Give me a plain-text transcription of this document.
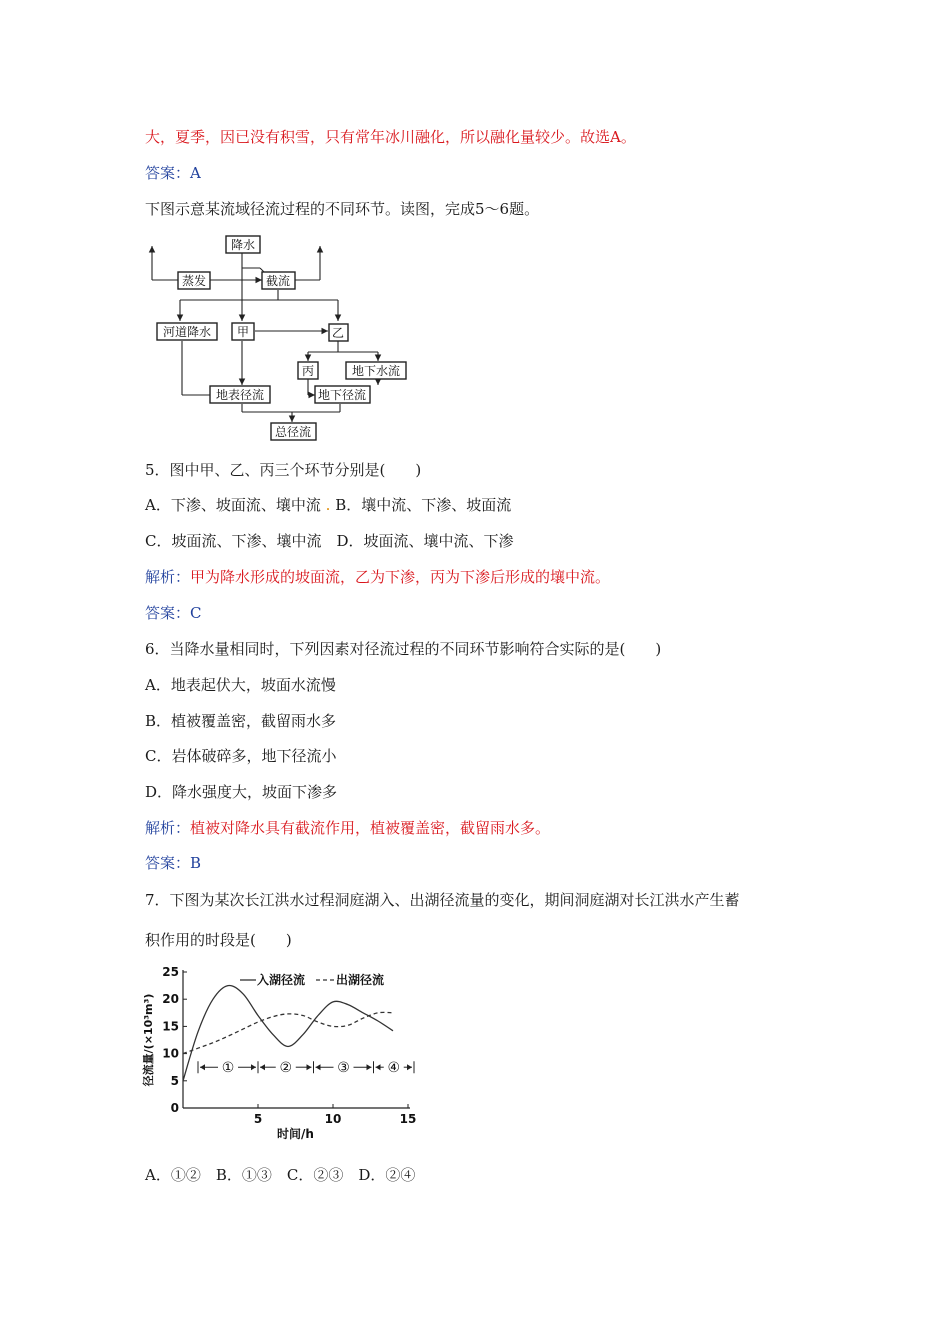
大，夏季，因已没有积雪，只有常年冰川融化，所以融化量较少。故选A。
答案：A
下图示意某流域径流过程的不同环节。读图，完成5～6题。
降水
蒸发	截流
河道降水 甲	乙
丙	地下水流
地表径流	地下径流
总径流
5．图中甲、乙、丙三个环节分别是(　　)
A．下渗、坡面流、壤中流 . B．壤中流、下渗、坡面流
C．坡面流、下渗、壤中流　D．坡面流、壤中流、下渗
解析：甲为降水形成的坡面流，乙为下渗，丙为下渗后形成的壤中流。
答案：C
6．当降水量相同时，下列因素对径流过程的不同环节影响符合实际的是(　　)
A．地表起伏大，坡面水流慢
B．植被覆盖密，截留雨水多
C．岩体破碎多，地下径流小
D．降水强度大，坡面下渗多
解析：植被对降水具有截流作用，植被覆盖密，截留雨水多。
答案：B
7．下图为某次长江洪水过程洞庭湖入、出湖径流量的变化，期间洞庭湖对长江洪水产生蓄
积作用的时段是(　　)
0
5
10
15
20
25
5	10	15
时间/h
径流量/(×10³m³)
入湖径流	出湖径流
①	②	③	④
A．①②　B．①③　C．②③　D．②④
